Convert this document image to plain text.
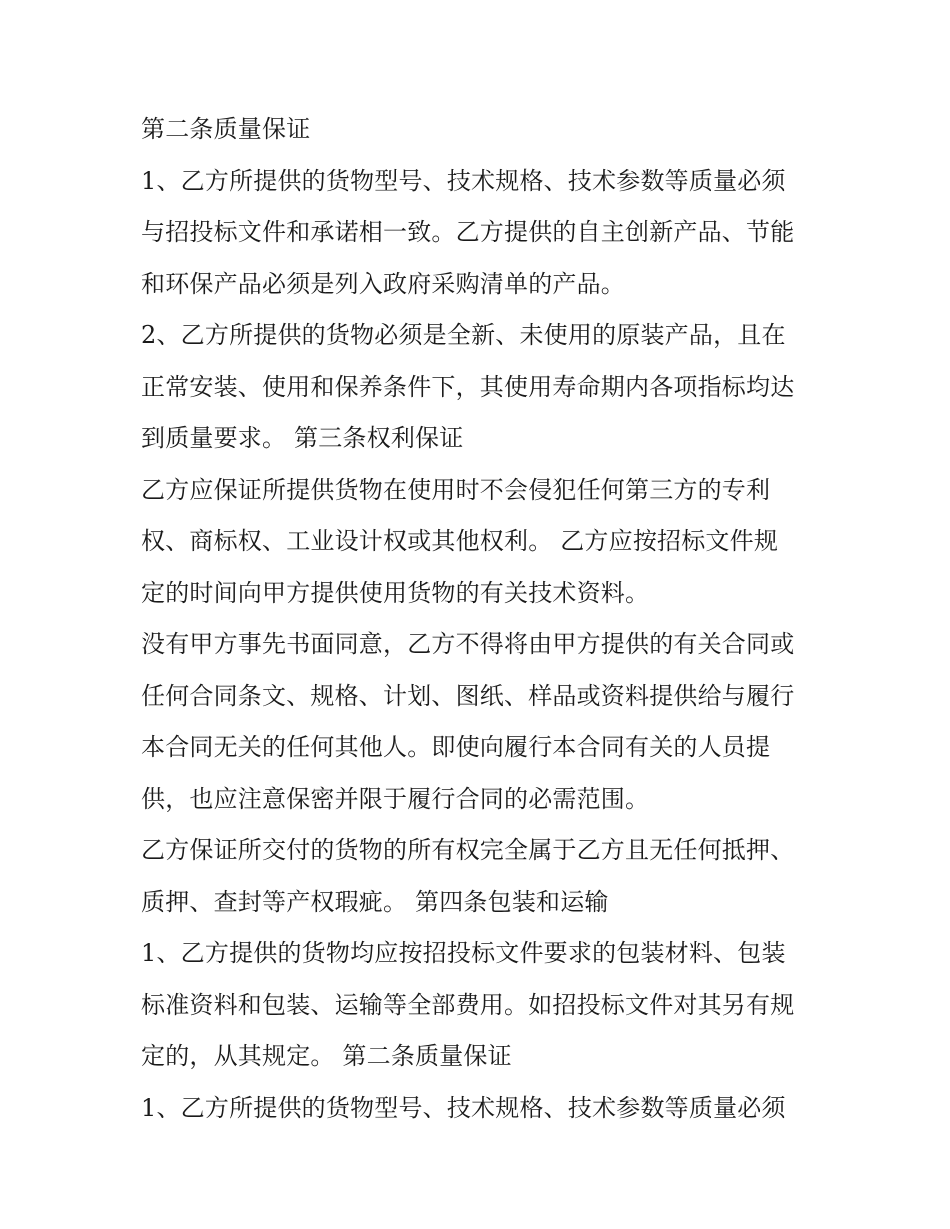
第二条质量保证
1、乙方所提供的货物型号、技术规格、技术参数等质量必须
与招投标文件和承诺相一致。乙方提供的自主创新产品、节能
和环保产品必须是列入政府采购清单的产品。
2、乙方所提供的货物必须是全新、未使用的原装产品，且在
正常安装、使用和保养条件下，其使用寿命期内各项指标均达
到质量要求。 第三条权利保证
乙方应保证所提供货物在使用时不会侵犯任何第三方的专利
权、商标权、工业设计权或其他权利。 乙方应按招标文件规
定的时间向甲方提供使用货物的有关技术资料。
没有甲方事先书面同意，乙方不得将由甲方提供的有关合同或
任何合同条文、规格、计划、图纸、样品或资料提供给与履行
本合同无关的任何其他人。即使向履行本合同有关的人员提
供，也应注意保密并限于履行合同的必需范围。
乙方保证所交付的货物的所有权完全属于乙方且无任何抵押、
质押、查封等产权瑕疵。 第四条包装和运输
1、乙方提供的货物均应按招投标文件要求的包装材料、包装
标准资料和包装、运输等全部费用。如招投标文件对其另有规
定的，从其规定。 第二条质量保证
1、乙方所提供的货物型号、技术规格、技术参数等质量必须
